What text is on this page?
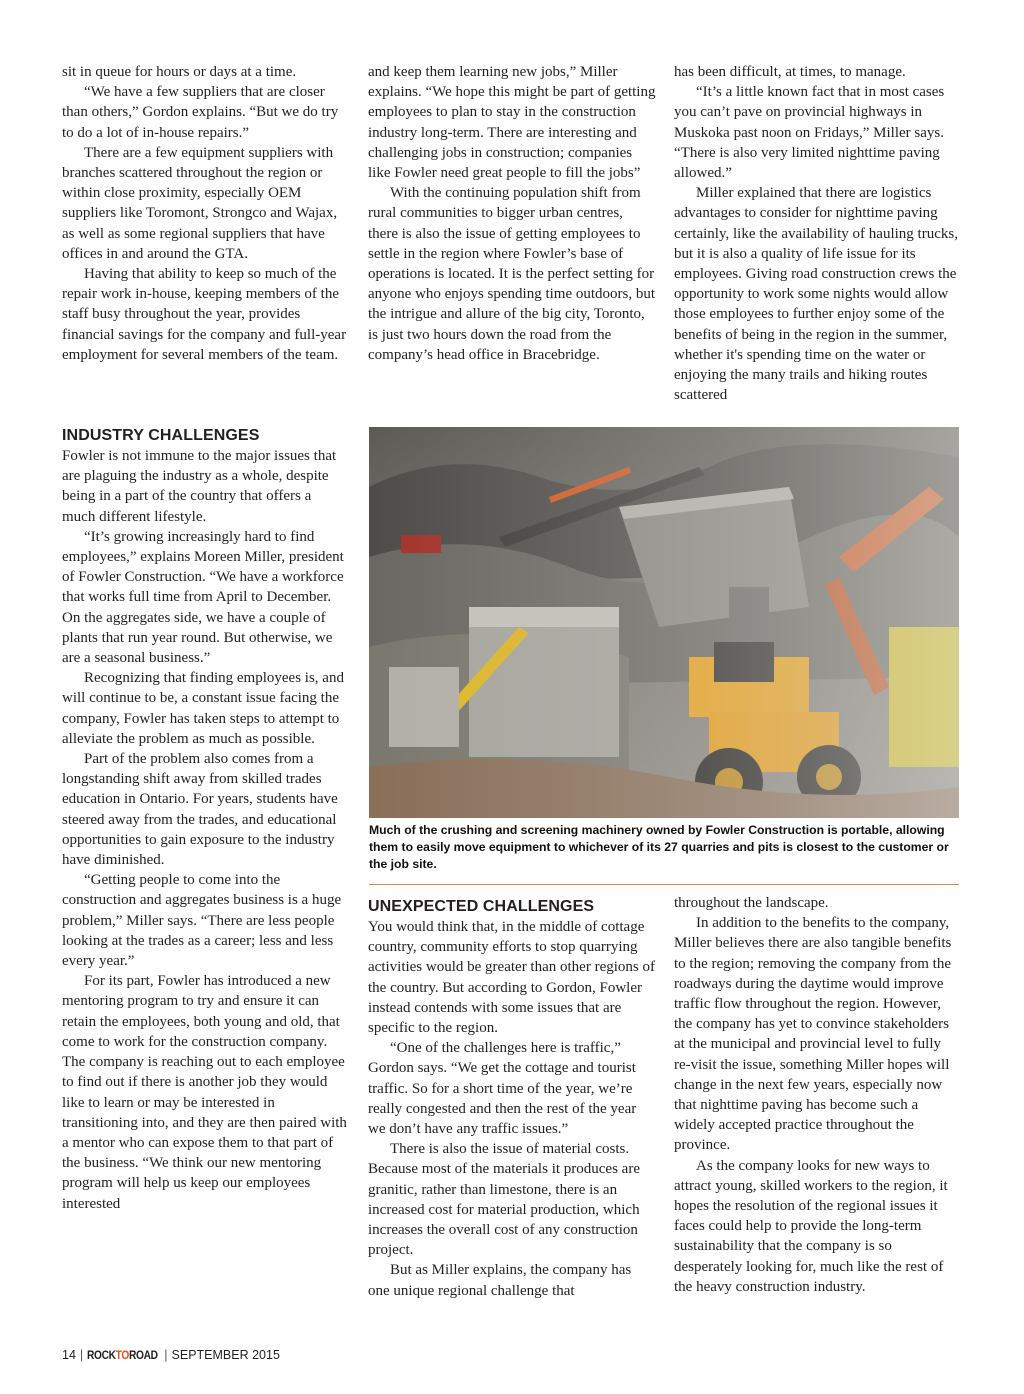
sit in queue for hours or days at a time.

“We have a few suppliers that are closer than others,” Gordon explains. “But we do try to do a lot of in-house repairs.”

There are a few equipment suppliers with branches scattered throughout the region or within close proximity, especially OEM suppliers like Toromont, Strongco and Wajax, as well as some regional suppliers that have offices in and around the GTA.

Having that ability to keep so much of the repair work in-house, keeping members of the staff busy throughout the year, provides financial savings for the company and full-year employment for several members of the team.

and keep them learning new jobs,” Miller explains. “We hope this might be part of getting employees to plan to stay in the construction industry long-term. There are interesting and challenging jobs in construction; companies like Fowler need great people to fill the jobs”

With the continuing population shift from rural communities to bigger urban centres, there is also the issue of getting employees to settle in the region where Fowler’s base of operations is located. It is the perfect setting for anyone who enjoys spending time outdoors, but the intrigue and allure of the big city, Toronto, is just two hours down the road from the company’s head office in Bracebridge.

has been difficult, at times, to manage.

“It’s a little known fact that in most cases you can’t pave on provincial highways in Muskoka past noon on Fridays,” Miller says. “There is also very limited nighttime paving allowed.”

Miller explained that there are logistics advantages to consider for nighttime paving certainly, like the availability of hauling trucks, but it is also a quality of life issue for its employees. Giving road construction crews the opportunity to work some nights would allow those employees to further enjoy some of the benefits of being in the region in the summer, whether it's spending time on the water or enjoying the many trails and hiking routes scattered

INDUSTRY CHALLENGES

Fowler is not immune to the major issues that are plaguing the industry as a whole, despite being in a part of the country that offers a much different lifestyle.

“It’s growing increasingly hard to find employees,” explains Moreen Miller, president of Fowler Construction. “We have a workforce that works full time from April to December. On the aggregates side, we have a couple of plants that run year round. But otherwise, we are a seasonal business.”

Recognizing that finding employees is, and will continue to be, a constant issue facing the company, Fowler has taken steps to attempt to alleviate the problem as much as possible.

Part of the problem also comes from a longstanding shift away from skilled trades education in Ontario. For years, students have steered away from the trades, and educational opportunities to gain exposure to the industry have diminished.

“Getting people to come into the construction and aggregates business is a huge problem,” Miller says. “There are less people looking at the trades as a career; less and less every year.”

For its part, Fowler has introduced a new mentoring program to try and ensure it can retain the employees, both young and old, that come to work for the construction company. The company is reaching out to each employee to find out if there is another job they would like to learn or may be interested in transitioning into, and they are then paired with a mentor who can expose them to that part of the business. “We think our new mentoring program will help us keep our employees interested

Much of the crushing and screening machinery owned by Fowler Construction is portable, allowing them to easily move equipment to whichever of its 27 quarries and pits is closest to the customer or the job site.
UNEXPECTED CHALLENGES

You would think that, in the middle of cottage country, community efforts to stop quarrying activities would be greater than other regions of the country. But according to Gordon, Fowler instead contends with some issues that are specific to the region.

“One of the challenges here is traffic,” Gordon says. “We get the cottage and tourist traffic. So for a short time of the year, we’re really congested and then the rest of the year we don’t have any traffic issues.”

There is also the issue of material costs. Because most of the materials it produces are granitic, rather than limestone, there is an increased cost for material production, which increases the overall cost of any construction project.

But as Miller explains, the company has one unique regional challenge that

throughout the landscape.

In addition to the benefits to the company, Miller believes there are also tangible benefits to the region; removing the company from the roadways during the daytime would improve traffic flow throughout the region. However, the company has yet to convince stakeholders at the municipal and provincial level to fully re-visit the issue, something Miller hopes will change in the next few years, especially now that nighttime paving has become such a widely accepted practice throughout the province.

As the company looks for new ways to attract young, skilled workers to the region, it hopes the resolution of the regional issues it faces could help to provide the long-term sustainability that the company is so desperately looking for, much like the rest of the heavy construction industry.

14 | ROCKTOROAD | SEPTEMBER 2015
